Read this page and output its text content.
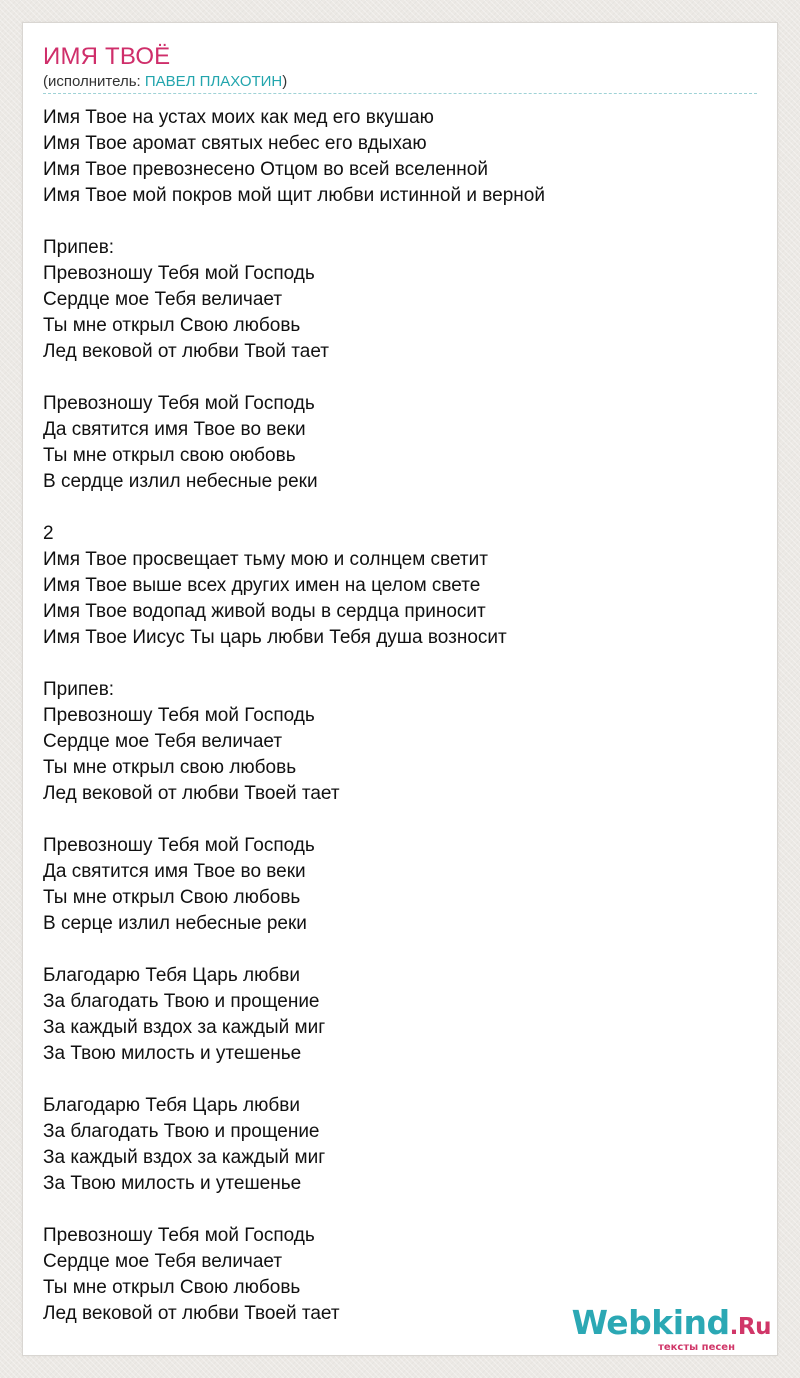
ИМЯ ТВОЁ
(исполнитель: ПАВЕЛ ПЛАХОТИН)
Имя Твое на устах моих как мед его вкушаю
Имя Твое аромат святых небес его вдыхаю
Имя Твое превознесено Отцом во всей вселенной
Имя Твое мой покров мой щит любви истинной и верной
Припев:
Превозношу Тебя мой Господь
Сердце мое Тебя величает
Ты мне открыл Свою любовь
Лед вековой от любви Твой тает
Превозношу Тебя мой Господь
Да святится имя Твое во веки
Ты мне открыл свою оюбовь
В сердце излил небесные реки
2
Имя Твое просвещает тьму мою и солнцем светит
Имя Твое выше всех других имен на целом свете
Имя Твое водопад живой воды в сердца приносит
Имя Твое Иисус Ты царь любви Тебя душа возносит
Припев:
Превозношу Тебя мой Господь
Сердце мое Тебя величает
Ты мне открыл свою любовь
Лед вековой от любви Твоей тает
Превозношу Тебя мой Господь
Да святится имя Твое во веки
Ты мне открыл Свою любовь
В серце излил небесные реки
Благодарю Тебя Царь любви
За благодать Твою и прощение
За каждый вздох за каждый миг
За Твою милость и утешенье
Благодарю Тебя Царь любви
За благодать Твою и прощение
За каждый вздох за каждый миг
За Твою милость и утешенье
Превозношу Тебя мой Господь
Сердце мое Тебя величает
Ты мне открыл Свою любовь
Лед вековой от любви Твоей тает	Webkind.Ru
тексты песен
